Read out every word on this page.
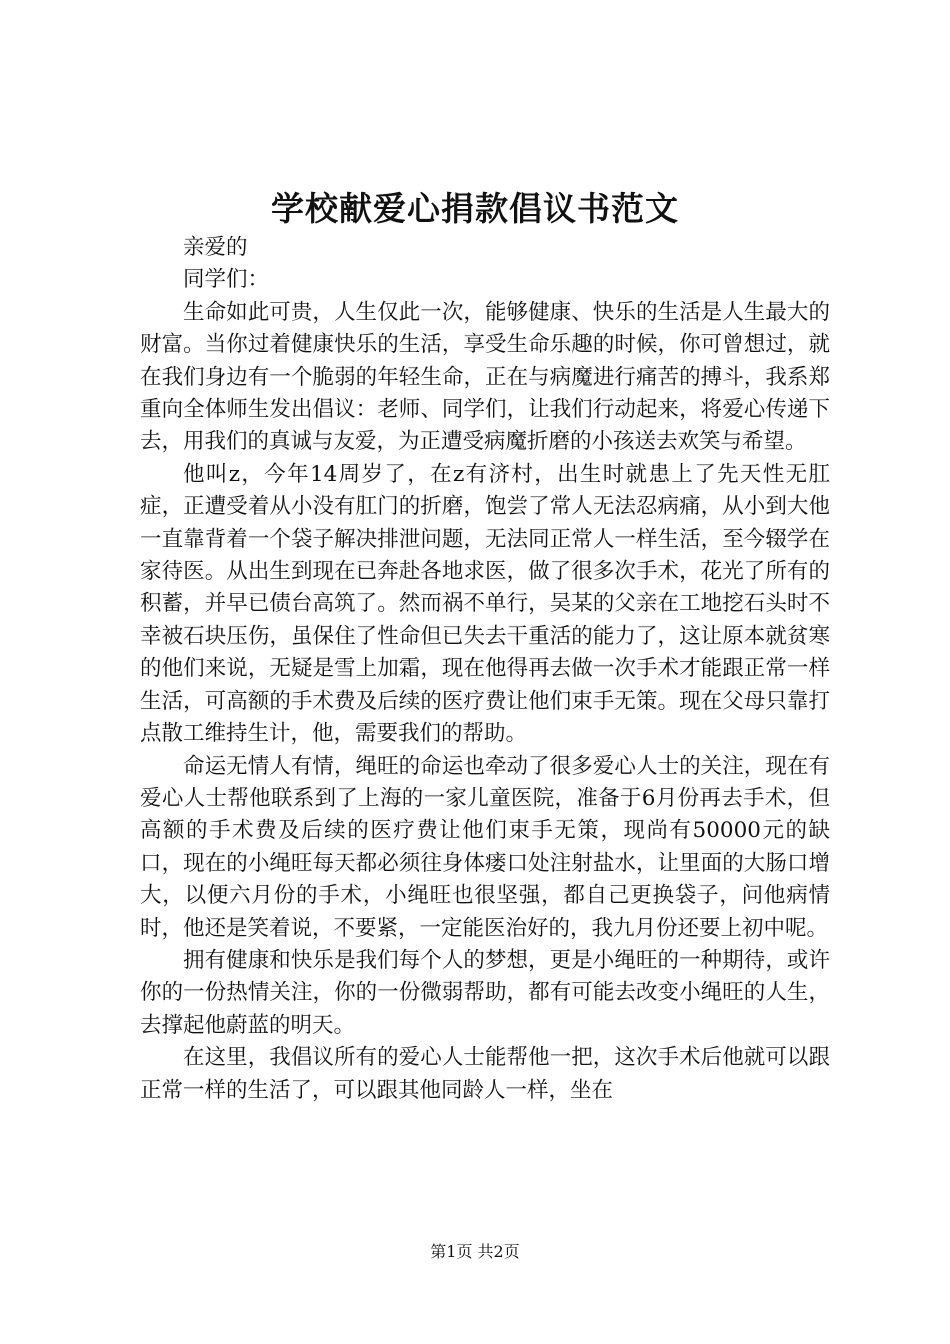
学校献爱心捐款倡议书范文

亲爱的

同学们：

生命如此可贵，人生仅此一次，能够健康、快乐的生活是人生最大的财富。当你过着健康快乐的生活，享受生命乐趣的时候，你可曾想过，就在我们身边有一个脆弱的年轻生命，正在与病魔进行痛苦的搏斗，我系郑重向全体师生发出倡议：老师、同学们，让我们行动起来，将爱心传递下去，用我们的真诚与友爱，为正遭受病魔折磨的小孩送去欢笑与希望。

他叫z，今年14周岁了，在z有济村，出生时就患上了先天性无肛症，正遭受着从小没有肛门的折磨，饱尝了常人无法忍病痛，从小到大他一直靠背着一个袋子解决排泄问题，无法同正常人一样生活，至今辍学在家待医。从出生到现在已奔赴各地求医，做了很多次手术，花光了所有的积蓄，并早已债台高筑了。然而祸不单行，吴某的父亲在工地挖石头时不幸被石块压伤，虽保住了性命但已失去干重活的能力了，这让原本就贫寒的他们来说，无疑是雪上加霜，现在他得再去做一次手术才能跟正常一样生活，可高额的手术费及后续的医疗费让他们束手无策。现在父母只靠打点散工维持生计，他，需要我们的帮助。

命运无情人有情，绳旺的命运也牵动了很多爱心人士的关注，现在有爱心人士帮他联系到了上海的一家儿童医院，准备于6月份再去手术，但高额的手术费及后续的医疗费让他们束手无策，现尚有50000元的缺口，现在的小绳旺每天都必须往身体瘘口处注射盐水，让里面的大肠口增大，以便六月份的手术，小绳旺也很坚强，都自己更换袋子，问他病情时，他还是笑着说，不要紧，一定能医治好的，我九月份还要上初中呢。

拥有健康和快乐是我们每个人的梦想，更是小绳旺的一种期待，或许你的一份热情关注，你的一份微弱帮助，都有可能去改变小绳旺的人生，去撑起他蔚蓝的明天。

在这里，我倡议所有的爱心人士能帮他一把，这次手术后他就可以跟正常一样的生活了，可以跟其他同龄人一样，坐在

第1页 共2页
